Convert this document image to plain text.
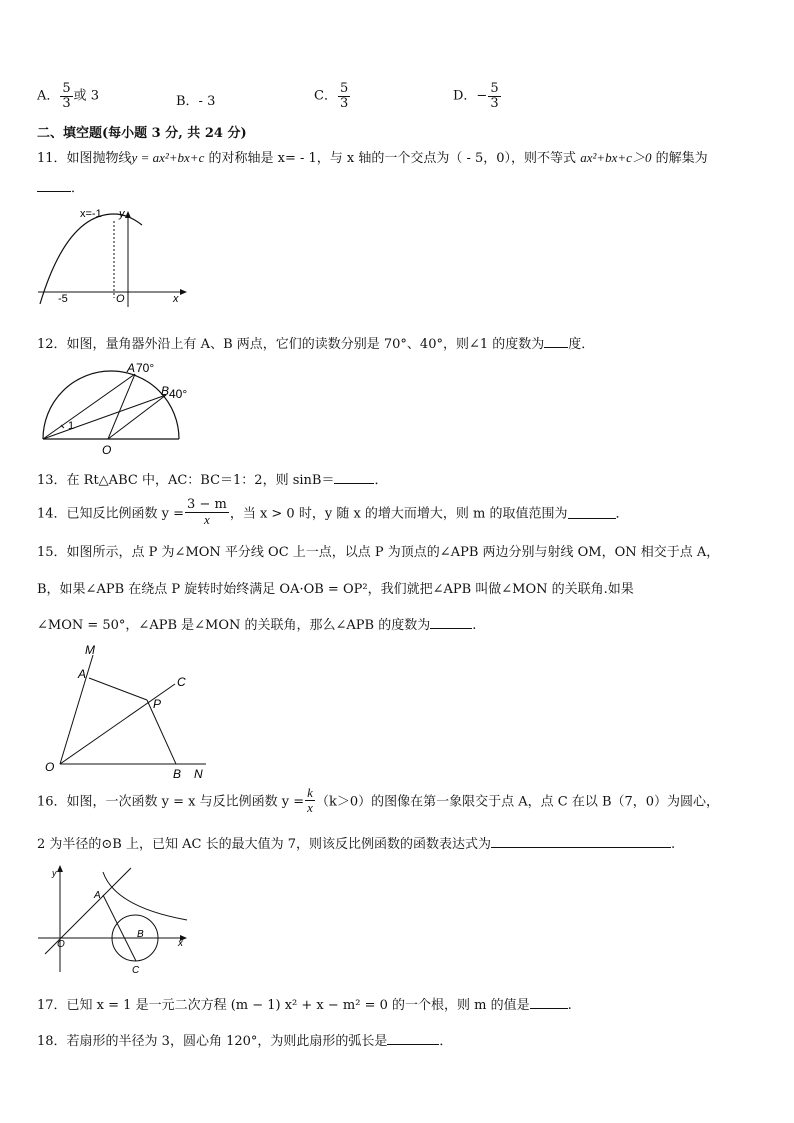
A． $\frac{5}{3}$ 或 3	B．- 3	C． $\frac{5}{3}$	D．− $\frac{5}{3}$
二、填空题(每小题 3 分, 共 24 分)
11．如图抛物线y = ax²+bx+c 的对称轴是 x= - 1，与 x 轴的一个交点为（ - 5，0），则不等式 ax²+bx+c＞0 的解集为
．
x=-1 y
x
O
-5
12．如图，量角器外沿上有 A、B 两点，它们的读数分别是 70°、40°，则∠1 的度数为 度．
1
A 70°
B 40°
O
13．在 Rt△ABC 中，AC：BC＝1：2，则 sinB＝	．
14．已知反比例函数 $y = \frac{3 - m}{x}$ ，当 x > 0 时，y 随 x 的增大而增大，则 m 的取值范围为	．
15．如图所示，点 P 为∠MON 平分线 OC 上一点，以点 P 为顶点的∠APB 两边分别与射线 OM，ON 相交于点 A，
B，如果∠APB 在绕点 P 旋转时始终满足 OA·OB = OP²，我们就把∠APB 叫做∠MON 的关联角.如果
∠MON = 50°，∠APB 是∠MON 的关联角，那么∠APB 的度数为	.
M
A
C
P
O	B N
16．如图，一次函数 y = x 与反比例函数 $y = \frac{k}{x} (k>0)$的图像在第一象限交于点 A，点 C 在以 B（7，0）为圆心，
2 为半径的⊙B 上，已知 AC 长的最大值为 7，则该反比例函数的函数表达式为	.
y
A
O
B
x
C
17．已知 x = 1 是一元二次方程 (m − 1) x² + x − m² = 0 的一个根，则 m 的值是	.
18．若扇形的半径为 3，圆心角 120°，为则此扇形的弧长是	．
